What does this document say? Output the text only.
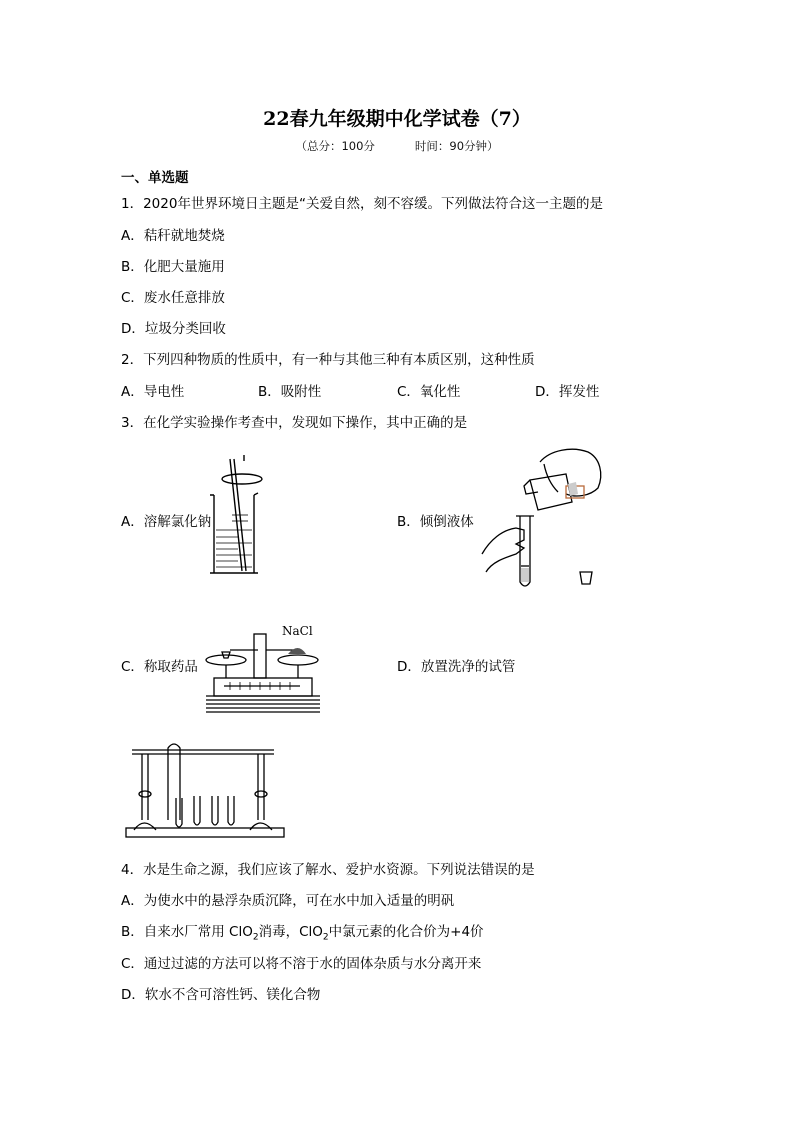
22春九年级期中化学试卷（7）
（总分：100分	时间：90分钟）
一、单选题
1．2020年世界环境日主题是“关爱自然，刻不容缓。下列做法符合这一主题的是
A．秸秆就地焚烧
B．化肥大量施用
C．废水任意排放
D．垃圾分类回收
2．下列四种物质的性质中，有一种与其他三种有本质区别，这种性质
A．导电性	B．吸附性	C．氧化性	D．挥发性
3．在化学实验操作考查中，发现如下操作，其中正确的是
A．溶解氯化钠	B．倾倒液体
C．称取药品
NaCl
D．放置洗净的试管
4．水是生命之源，我们应该了解水、爱护水资源。下列说法错误的是
A．为使水中的悬浮杂质沉降，可在水中加入适量的明矾
B．自来水厂常用 ClO$_2$消毒，ClO$_2$中氯元素的化合价为+4价
C．通过过滤的方法可以将不溶于水的固体杂质与水分离开来
D．软水不含可溶性钙、镁化合物
